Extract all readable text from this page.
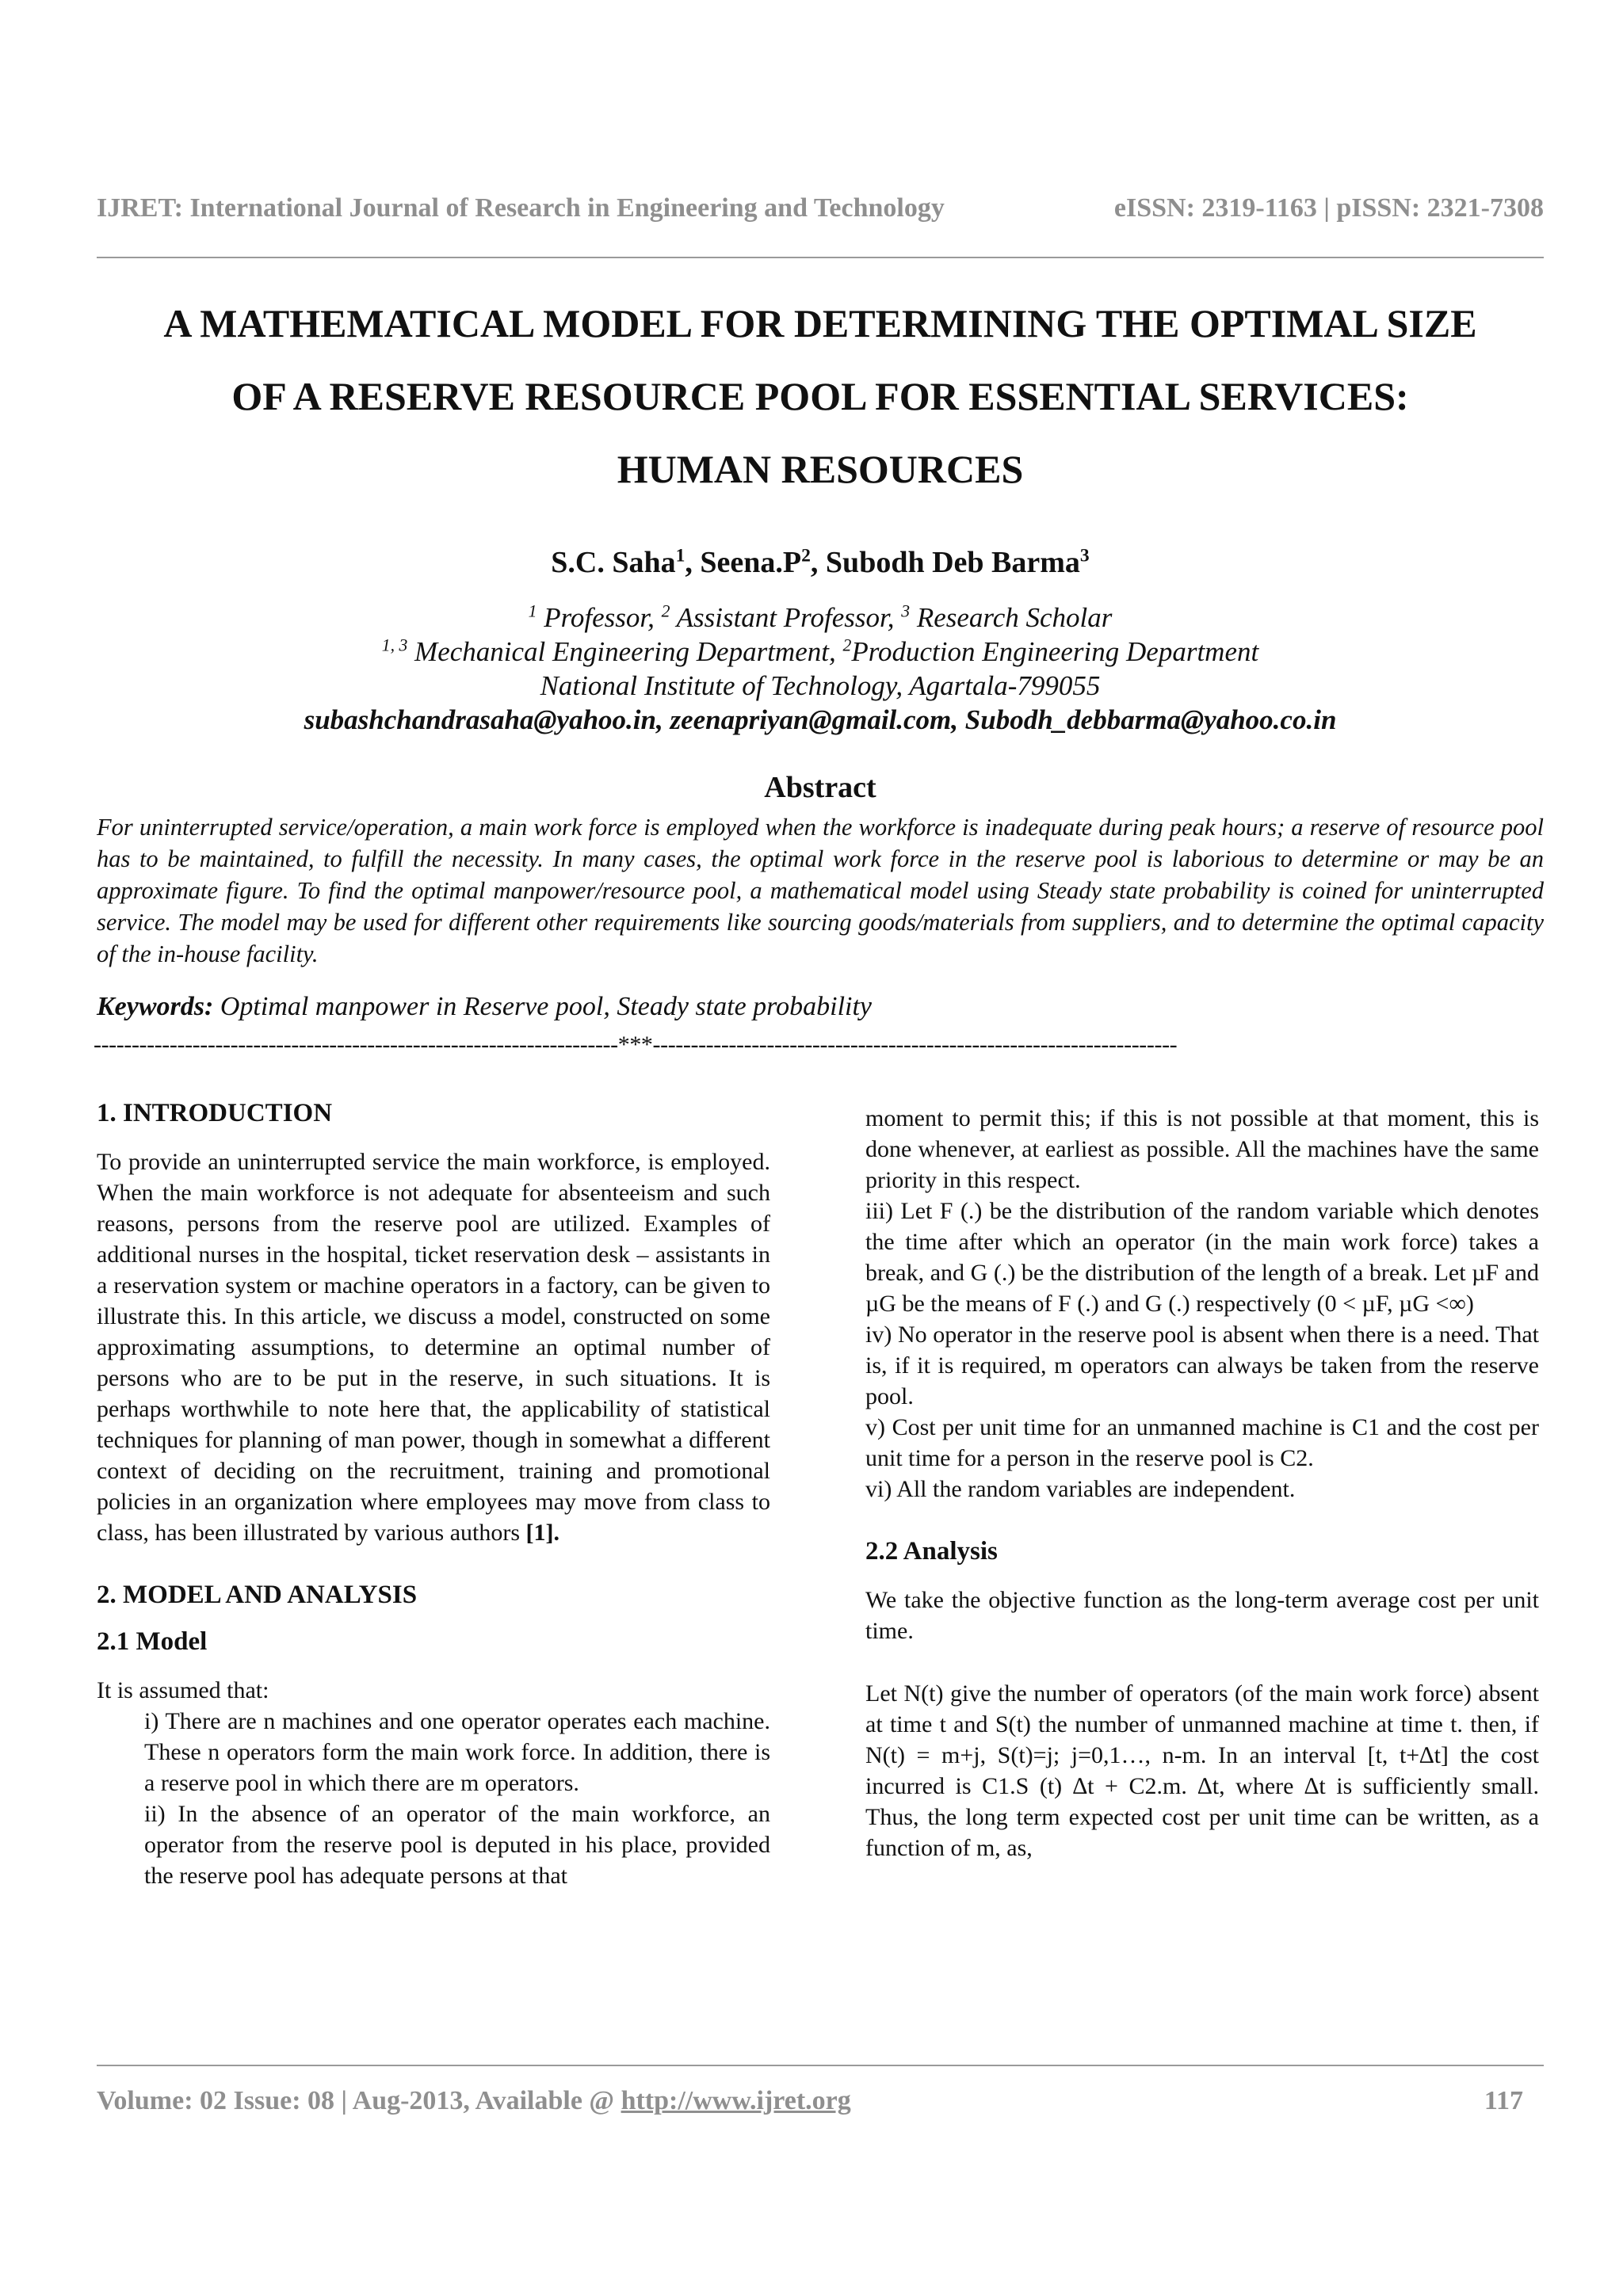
IJRET: International Journal of Research in Engineering and Technology	eISSN: 2319-1163 | pISSN: 2321-7308
A MATHEMATICAL MODEL FOR DETERMINING THE OPTIMAL SIZE
OF A RESERVE RESOURCE POOL FOR ESSENTIAL SERVICES:
HUMAN RESOURCES
S.C. Saha$^1$, $Seena.P^2$, Subodh Deb Barma$^3$
$^1$ Professor, $^2$ Assistant Professor, $^3$ Research Scholar
$^{1, 3}$ Mechanical Engineering Department, $^2$Production Engineering Department
National Institute of Technology, Agartala-799055
subashchandrasaha@yahoo.in, zeenapriyan@gmail.com, Subodh_debbarma@yahoo.co.in
Abstract

For uninterrupted service/operation, a main work force is employed when the workforce is inadequate during peak hours; a reserve of resource pool has to be maintained, to fulfill the necessity. In many cases, the optimal work force in the reserve pool is laborious to determine or may be an approximate figure. To find the optimal manpower/resource pool, a mathematical model using Steady state probability is coined for uninterrupted service. The model may be used for different other requirements like sourcing goods/materials from suppliers, and to determine the optimal capacity of the in-house facility.

Keywords: Optimal manpower in Reserve pool, Steady state probability
---------------------------------------------------------------------***---------------------------------------------------------------------
1. INTRODUCTION

To provide an uninterrupted service the main workforce, is employed. When the main workforce is not adequate for absenteeism and such reasons, persons from the reserve pool are utilized. Examples of additional nurses in the hospital, ticket reservation desk – assistants in a reservation system or machine operators in a factory, can be given to illustrate this. In this article, we discuss a model, constructed on some approximating assumptions, to determine an optimal number of persons who are to be put in the reserve, in such situations. It is perhaps worthwhile to note here that, the applicability of statistical techniques for planning of man power, though in somewhat a different context of deciding on the recruitment, training and promotional policies in an organization where employees may move from class to class, has been illustrated by various authors [1].

2. MODEL AND ANALYSIS
2.1 Model

It is assumed that:

i) There are n machines and one operator operates each machine. These n operators form the main work force. In addition, there is a reserve pool in which there are m operators.

ii) In the absence of an operator of the main workforce, an operator from the reserve pool is deputed in his place, provided the reserve pool has adequate persons at that

moment to permit this; if this is not possible at that moment, this is done whenever, at earliest as possible. All the machines have the same priority in this respect.

iii) Let F (.) be the distribution of the random variable which denotes the time after which an operator (in the main work force) takes a break, and G (.) be the distribution of the length of a break. Let µF and µG be the means of F (.) and G (.) respectively (0 < µF, µG <∞)

iv) No operator in the reserve pool is absent when there is a need. That is, if it is required, m operators can always be taken from the reserve pool.

v) Cost per unit time for an unmanned machine is C1 and the cost per unit time for a person in the reserve pool is C2.

vi) All the random variables are independent.

2.2 Analysis

We take the objective function as the long-term average cost per unit time.

Let N(t) give the number of operators (of the main work force) absent at time t and S(t) the number of unmanned machine at time t. then, if N(t) = m+j, S(t)=j; j=0,1…, n-m. In an interval [t, t+∆t] the cost incurred is C1.S (t) ∆t + C2.m. ∆t, where ∆t is sufficiently small. Thus, the long term expected cost per unit time can be written, as a function of m, as,

Volume: 02 Issue: 08 | Aug-2013, Available @ http://www.ijret.org	117
